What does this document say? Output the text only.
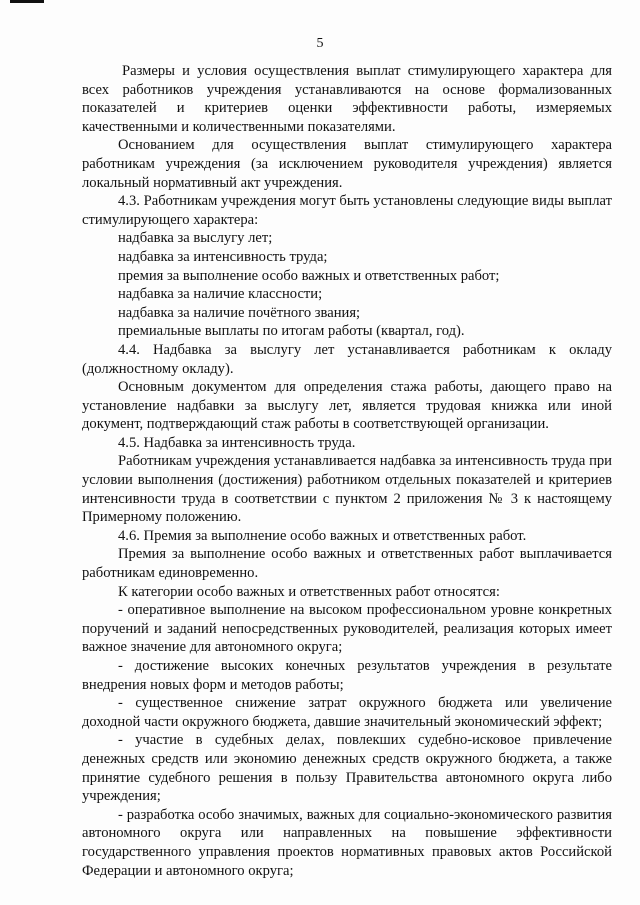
5

Размеры и условия осуществления выплат стимулирующего характера для всех работников учреждения устанавливаются на основе формализованных показателей и критериев оценки эффективности работы, измеряемых качественными и количественными показателями.

Основанием для осуществления выплат стимулирующего характера работникам учреждения (за исключением руководителя учреждения) является локальный нормативный акт учреждения.

4.3. Работникам учреждения могут быть установлены следующие виды выплат стимулирующего характера:

надбавка за выслугу лет;

надбавка за интенсивность труда;

премия за выполнение особо важных и ответственных работ;

надбавка за наличие классности;

надбавка за наличие почётного звания;

премиальные выплаты по итогам работы (квартал, год).

4.4. Надбавка за выслугу лет устанавливается работникам к окладу (должностному окладу).

Основным документом для определения стажа работы, дающего право на установление надбавки за выслугу лет, является трудовая книжка или иной документ, подтверждающий стаж работы в соответствующей организации.

4.5. Надбавка за интенсивность труда.

Работникам учреждения устанавливается надбавка за интенсивность труда при условии выполнения (достижения) работником отдельных показателей и критериев интенсивности труда в соответствии с пунктом 2 приложения № 3 к настоящему Примерному положению.

4.6. Премия за выполнение особо важных и ответственных работ.

Премия за выполнение особо важных и ответственных работ выплачивается работникам единовременно.

К категории особо важных и ответственных работ относятся:

- оперативное выполнение на высоком профессиональном уровне конкретных поручений и заданий непосредственных руководителей, реализация которых имеет важное значение для автономного округа;

- достижение высоких конечных результатов учреждения в результате внедрения новых форм и методов работы;

- существенное снижение затрат окружного бюджета или увеличение доходной части окружного бюджета, давшие значительный экономический эффект;

- участие в судебных делах, повлекших судебно-исковое привлечение денежных средств или экономию денежных средств окружного бюджета, а также принятие судебного решения в пользу Правительства автономного округа либо учреждения;

- разработка особо значимых, важных для социально-экономического развития автономного округа или направленных на повышение эффективности государственного управления проектов нормативных правовых актов Российской Федерации и автономного округа;
